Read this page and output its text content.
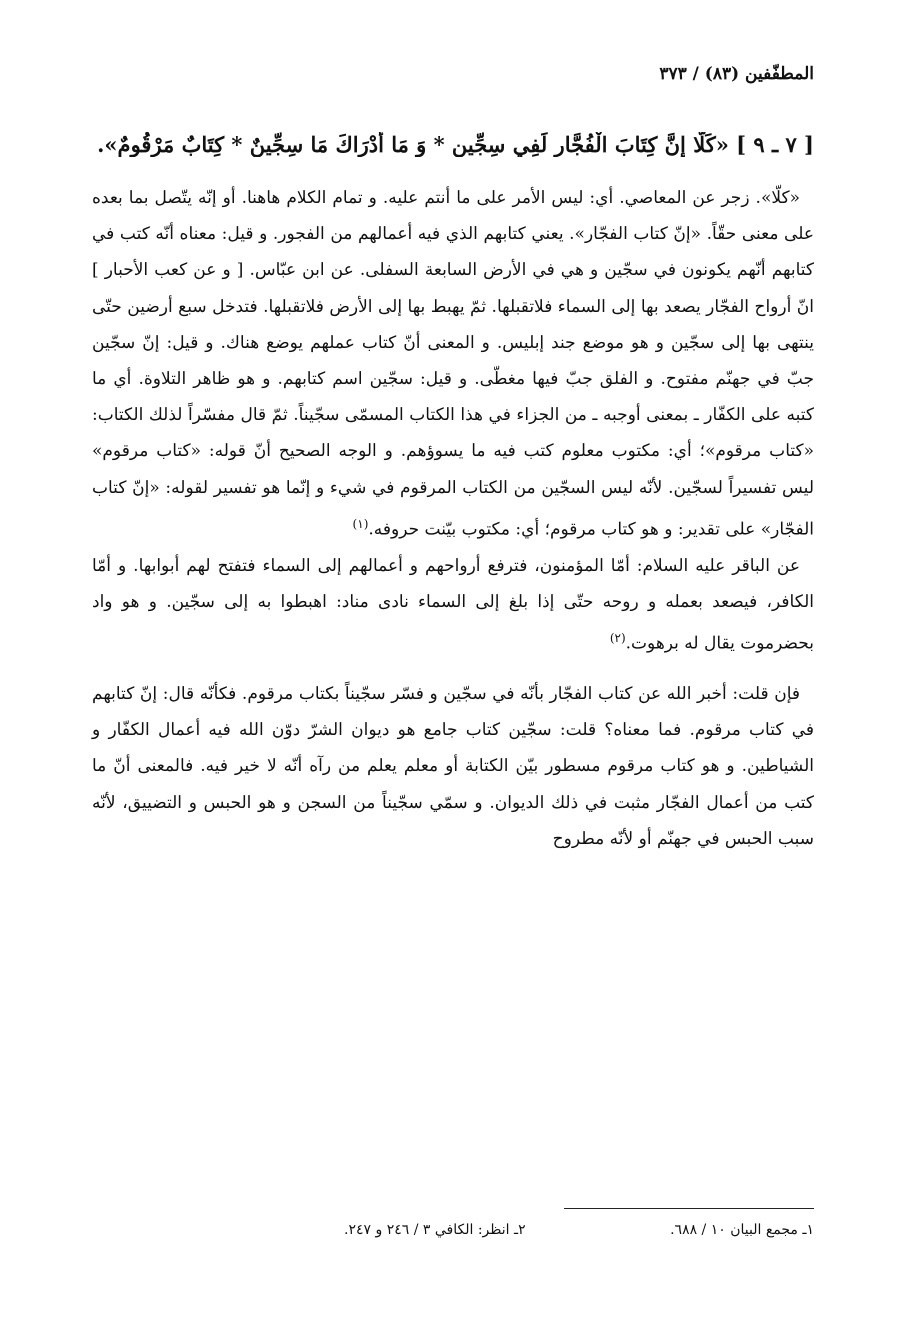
المطفّفين (٨٣) / ٣٧٣
[ ٧ ـ ٩ ] «كَلَّا إِنَّ كِتَابَ الْفُجَّارِ لَفِي سِجِّينٍ * وَ مَا أَدْرَاكَ مَا سِجِّينٌ * كِتَابٌ مَرْقُومٌ».

«كلّا». زجر عن المعاصي. أي: ليس الأمر على ما أنتم عليه. و تمام الكلام هاهنا. أو إنّه يتّصل بما بعده على معنى حقّاً. «إنّ كتاب الفجّار». يعني كتابهم الذي فيه أعمالهم من الفجور. و قيل: معناه أنّه كتب في كتابهم أنّهم يكونون في سجّين و هي في الأرض السابعة السفلى. عن ابن عبّاس. [ و عن كعب الأحبار ] انّ أرواح الفجّار يصعد بها إلى السماء فلاتقبلها. ثمّ يهبط بها إلى الأرض فلاتقبلها. فتدخل سبع أرضين حتّى ينتهى بها إلى سجّين و هو موضع جند إبليس. و المعنى أنّ كتاب عملهم يوضع هناك. و قيل: إنّ سجّين جبّ في جهنّم مفتوح. و الفلق جبّ فيها مغطّى. و قيل: سجّين اسم كتابهم. و هو ظاهر التلاوة. أي ما كتبه على الكفّار ـ بمعنى أوجبه ـ من الجزاء في هذا الكتاب المسمّى سجّيناً. ثمّ قال مفسّراً لذلك الكتاب: «كتاب مرقوم»؛ أي: مكتوب معلوم كتب فيه ما يسوؤهم. و الوجه الصحيح أنّ قوله: «كتاب مرقوم» ليس تفسيراً لسجّين. لأنّه ليس السجّين من الكتاب المرقوم في شيء و إنّما هو تفسير لقوله: «إنّ كتاب الفجّار» على تقدير: و هو كتاب مرقوم؛ أي: مكتوب بيّنت حروفه.$^{(١)}$

عن الباقر عليه السلام: أمّا المؤمنون، فترفع أرواحهم و أعمالهم إلى السماء فتفتح لهم أبوابها. و أمّا الكافر، فيصعد بعمله و روحه حتّى إذا بلغ إلى السماء نادى مناد: اهبطوا به إلى سجّين. و هو واد بحضرموت يقال له برهوت.$^{(٢)}$

فإن قلت: أخبر الله عن كتاب الفجّار بأنّه في سجّين و فسّر سجّيناً بكتاب مرقوم. فكأنّه قال: إنّ كتابهم في كتاب مرقوم. فما معناه؟ قلت: سجّين كتاب جامع هو ديوان الشرّ دوّن الله فيه أعمال الكفّار و الشياطين. و هو كتاب مرقوم مسطور بيّن الكتابة أو معلم يعلم من رآه أنّه لا خير فيه. فالمعنى أنّ ما كتب من أعمال الفجّار مثبت في ذلك الديوان. و سمّي سجّيناً من السجن و هو الحبس و التضييق، لأنّه سبب الحبس في جهنّم أو لأنّه مطروح

١ـ مجمع البيان ١٠ / ٦٨٨. ٢ـ انظر: الكافي ٣ / ٢٤٦ و ٢٤٧.
